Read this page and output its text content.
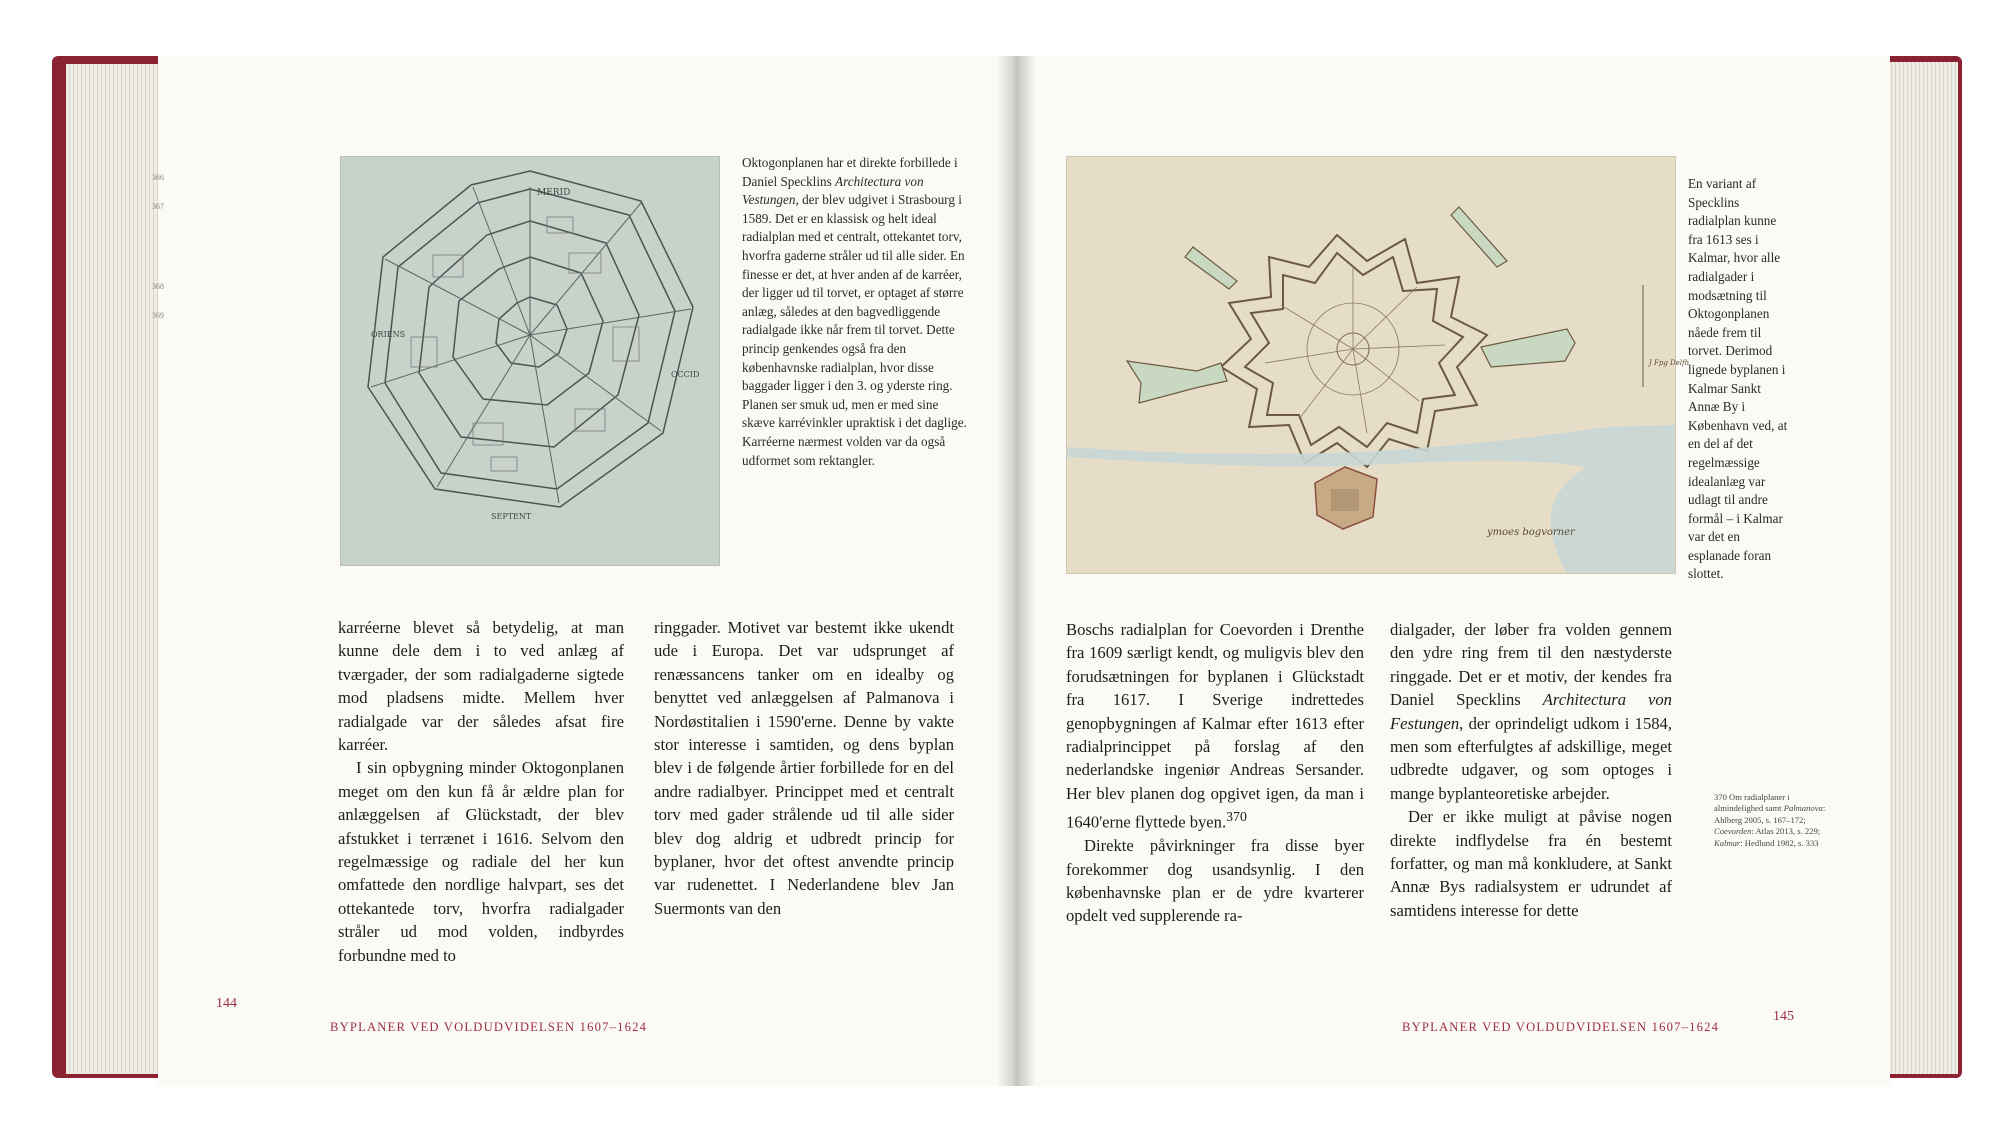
366
367
368
369
MERID
ORIENS
OCCID
SEPTENT
Oktogonplanen har et direkte forbillede i Daniel Specklins Architectura von Vestungen, der blev udgivet i Strasbourg i 1589. Det er en klassisk og helt ideal radialplan med et centralt, ottekantet torv, hvorfra gaderne stråler ud til alle sider. En finesse er det, at hver anden af de karréer, der ligger ud til torvet, er optaget af større anlæg, således at den bagvedliggende radialgade ikke når frem til torvet. Dette princip genkendes også fra den københavnske radialplan, hvor disse baggader ligger i den 3. og yderste ring. Planen ser smuk ud, men er med sine skæve karrévinkler upraktisk i det daglige. Karréerne nærmest volden var da også udformet som rektangler.

karréerne blevet så betydelig, at man kunne dele dem i to ved anlæg af tværgader, der som radialgaderne sigtede mod pladsens midte. Mellem hver radialgade var der således afsat fire karréer.

I sin opbygning minder Oktogonplanen meget om den kun få år ældre plan for anlæggelsen af Glückstadt, der blev afstukket i terrænet i 1616. Selvom den regelmæssige og radiale del her kun omfattede den nordlige halvpart, ses det ottekantede torv, hvorfra radialgader stråler ud mod volden, indbyrdes forbundne med to

ringgader. Motivet var bestemt ikke ukendt ude i Europa. Det var udsprunget af renæssancens tanker om en idealby og benyttet ved anlæggelsen af Palmanova i Nordøstitalien i 1590'erne. Denne by vakte stor interesse i samtiden, og dens byplan blev i de følgende årtier forbillede for en del andre radialbyer. Princippet med et centralt torv med gader strålende ud til alle sider blev dog aldrig et udbredt princip for byplaner, hvor det oftest anvendte princip var rudenettet. I Nederlandene blev Jan Suermonts van den

144
BYPLANER VED VOLDUDVIDELSEN 1607–1624
ymoes bogvorner
J Fpg Delfh
En variant af Specklins radialplan kunne fra 1613 ses i Kalmar, hvor alle radialgader i modsætning til Oktogonplanen nåede frem til torvet. Derimod lignede byplanen i Kalmar Sankt Annæ By i København ved, at en del af det regelmæssige idealanlæg var udlagt til andre formål – i Kalmar var det en esplanade foran slottet.

Boschs radialplan for Coevorden i Drenthe fra 1609 særligt kendt, og muligvis blev den forudsætningen for byplanen i Glückstadt fra 1617. I Sverige indrettedes genopbygningen af Kalmar efter 1613 efter radialprincippet på forslag af den nederlandske ingeniør Andreas Sersander. Her blev planen dog opgivet igen, da man i 1640'erne flyttede byen.$^{370}$

Direkte påvirkninger fra disse byer forekommer dog usandsynlig. I den københavnske plan er de ydre kvarterer opdelt ved supplerende ra-

dialgader, der løber fra volden gennem den ydre ring frem til den næstyderste ringgade. Det er et motiv, der kendes fra Daniel Specklins Architectura von Festungen, der oprindeligt udkom i 1584, men som efterfulgtes af adskillige, meget udbredte udgaver, og som optoges i mange byplanteoretiske arbejder.

Der er ikke muligt at påvise nogen direkte indflydelse fra én bestemt forfatter, og man må konkludere, at Sankt Annæ Bys radialsystem er udrundet af samtidens interesse for dette

370 Om radialplaner i almindelighed samt Palmanova: Ahlberg 2005, s. 167–172; Coevorden: Atlas 2013, s. 229; Kalmar: Hedlund 1982, s. 333
BYPLANER VED VOLDUDVIDELSEN 1607–1624
145
